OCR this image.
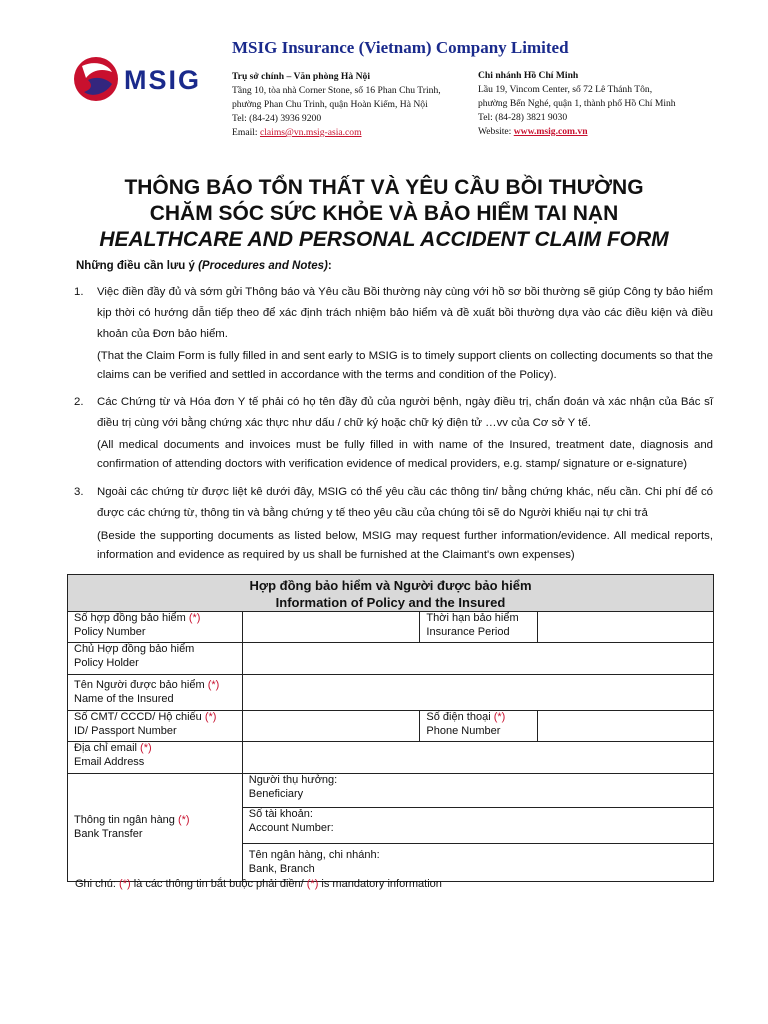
MSIG
MSIG Insurance (Vietnam) Company Limited
Trụ sở chính – Văn phòng Hà Nội
Tầng 10, tòa nhà Corner Stone, số 16 Phan Chu Trinh,
phường Phan Chu Trinh, quận Hoàn Kiếm, Hà Nội
Tel: (84-24) 3936 9200
Email: claims@vn.msig-asia.com
Chi nhánh Hồ Chí Minh
Lầu 19, Vincom Center, số 72 Lê Thánh Tôn,
phường Bến Nghé, quận 1, thành phố Hồ Chí Minh
Tel: (84-28) 3821 9030
Website: www.msig.com.vn
THÔNG BÁO TỔN THẤT VÀ YÊU CẦU BỒI THƯỜNG
CHĂM SÓC SỨC KHỎE VÀ BẢO HIỂM TAI NẠN
HEALTHCARE AND PERSONAL ACCIDENT CLAIM FORM
Những điều cần lưu ý (Procedures and Notes):
1. Việc điền đầy đủ và sớm gửi Thông báo và Yêu cầu Bồi thường này cùng với hồ sơ bồi thường sẽ giúp Công ty bảo hiểm kịp thời có hướng dẫn tiếp theo để xác định trách nhiệm bảo hiểm và đề xuất bồi thường dựa vào các điều kiện và điều khoản của Đơn bảo hiểm.
(That the Claim Form is fully filled in and sent early to MSIG is to timely support clients on collecting documents so that the claims can be verified and settled in accordance with the terms and condition of the Policy).
2. Các Chứng từ và Hóa đơn Y tế phải có họ tên đầy đủ của người bệnh, ngày điều trị, chẩn đoán và xác nhận của Bác sĩ điều trị cùng với bằng chứng xác thực như dấu / chữ ký hoặc chữ ký điện tử …vv của Cơ sở Y tế.
(All medical documents and invoices must be fully filled in with name of the Insured, treatment date, diagnosis and confirmation of attending doctors with verification evidence of medical providers, e.g. stamp/ signature or e-signature)
3. Ngoài các chứng từ được liệt kê dưới đây, MSIG có thể yêu cầu các thông tin/ bằng chứng khác, nếu cần. Chi phí để có được các chứng từ, thông tin và bằng chứng y tế theo yêu cầu của chúng tôi sẽ do Người khiếu nại tự chi trả
(Beside the supporting documents as listed below, MSIG may request further information/evidence. All medical reports, information and evidence as required by us shall be furnished at the Claimant's own expenses)
Hợp đồng bảo hiểm và Người được bảo hiểm
Information of Policy and the Insured			

Số hợp đồng bảo hiểm (*)
Policy Number		Thời hạn bảo hiểm
Insurance Period	
Chủ Hợp đồng bảo hiểm
Policy Holder			
Tên Người được bảo hiểm (*)
Name of the Insured			
Số CMT/ CCCD/ Hộ chiếu (*)
ID/ Passport Number		Số điện thoại (*)
Phone Number	
Địa chỉ email (*)
Email Address			
Thông tin ngân hàng (*)
Bank Transfer	Người thụ hưởng:
Beneficiary		
	Số tài khoản:
Account Number:		
	Tên ngân hàng, chi nhánh:
Bank, Branch		
Ghi chú: (*) là các thông tin bắt buộc phải điền/ (*) is mandatory information
